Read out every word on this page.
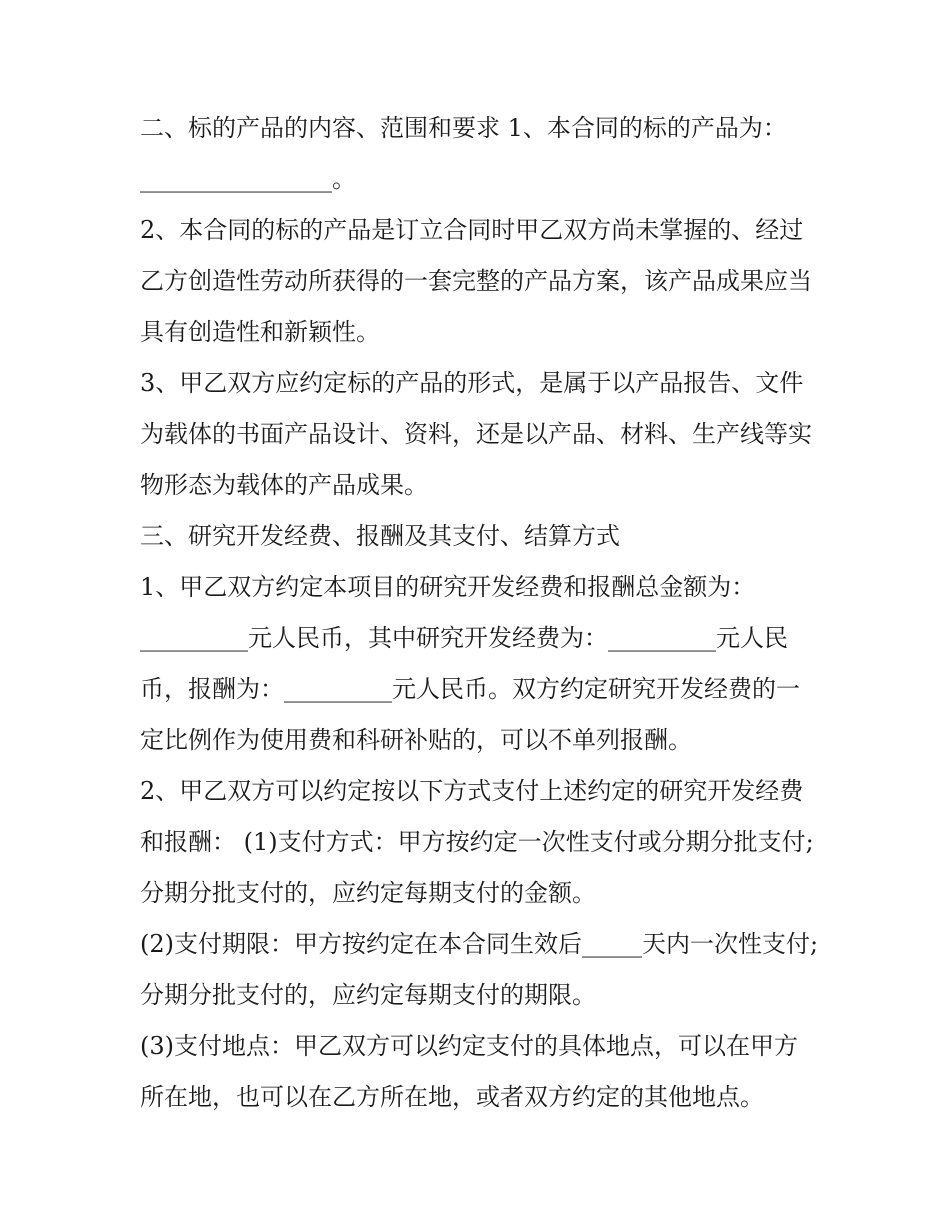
二、标的产品的内容、范围和要求 1、本合同的标的产品为：

________________。

2、本合同的标的产品是订立合同时甲乙双方尚未掌握的、经过乙方创造性劳动所获得的一套完整的产品方案，该产品成果应当具有创造性和新颖性。

3、甲乙双方应约定标的产品的形式，是属于以产品报告、文件为载体的书面产品设计、资料，还是以产品、材料、生产线等实物形态为载体的产品成果。

三、研究开发经费、报酬及其支付、结算方式

1、甲乙双方约定本项目的研究开发经费和报酬总金额为：

_________元人民币，其中研究开发经费为：_________元人民币，报酬为：_________元人民币。双方约定研究开发经费的一定比例作为使用费和科研补贴的，可以不单列报酬。

2、甲乙双方可以约定按以下方式支付上述约定的研究开发经费和报酬： (1)支付方式：甲方按约定一次性支付或分期分批支付;分期分批支付的，应约定每期支付的金额。

(2)支付期限：甲方按约定在本合同生效后_____天内一次性支付;分期分批支付的，应约定每期支付的期限。

(3)支付地点：甲乙双方可以约定支付的具体地点，可以在甲方所在地，也可以在乙方所在地，或者双方约定的其他地点。
